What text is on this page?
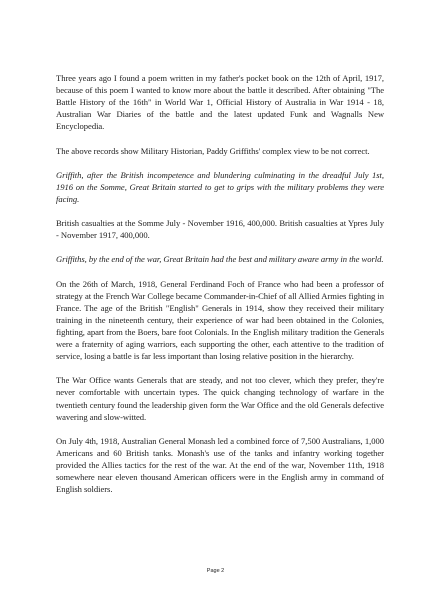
Three years ago I found a poem written in my father's pocket book on the 12th of April, 1917, because of this poem I wanted to know more about the battle it described. After obtaining "The Battle History of the 16th" in World War 1, Official History of Australia in War 1914 - 18, Australian War Diaries of the battle and the latest updated Funk and Wagnalls New Encyclopedia.

The above records show Military Historian, Paddy Griffiths' complex view to be not correct.

Griffith, after the British incompetence and blundering culminating in the dreadful July 1st, 1916 on the Somme, Great Britain started to get to grips with the military problems they were facing.

British casualties at the Somme July - November 1916, 400,000. British casualties at Ypres July - November 1917, 400,000.

Griffiths, by the end of the war, Great Britain had the best and military aware army in the world.

On the 26th of March, 1918, General Ferdinand Foch of France who had been a professor of strategy at the French War College became Commander-in-Chief of all Allied Armies fighting in France. The age of the British "English" Generals in 1914, show they received their military training in the nineteenth century, their experience of war had been obtained in the Colonies, fighting, apart from the Boers, bare foot Colonials. In the English military tradition the Generals were a fraternity of aging warriors, each supporting the other, each attentive to the tradition of service, losing a battle is far less important than losing relative position in the hierarchy.

The War Office wants Generals that are steady, and not too clever, which they prefer, they're never comfortable with uncertain types. The quick changing technology of warfare in the twentieth century found the leadership given form the War Office and the old Generals defective wavering and slow-witted.

On July 4th, 1918, Australian General Monash led a combined force of 7,500 Australians, 1,000 Americans and 60 British tanks. Monash's use of the tanks and infantry working together provided the Allies tactics for the rest of the war. At the end of the war, November 11th, 1918 somewhere near eleven thousand American officers were in the English army in command of English soldiers.

Page 2
